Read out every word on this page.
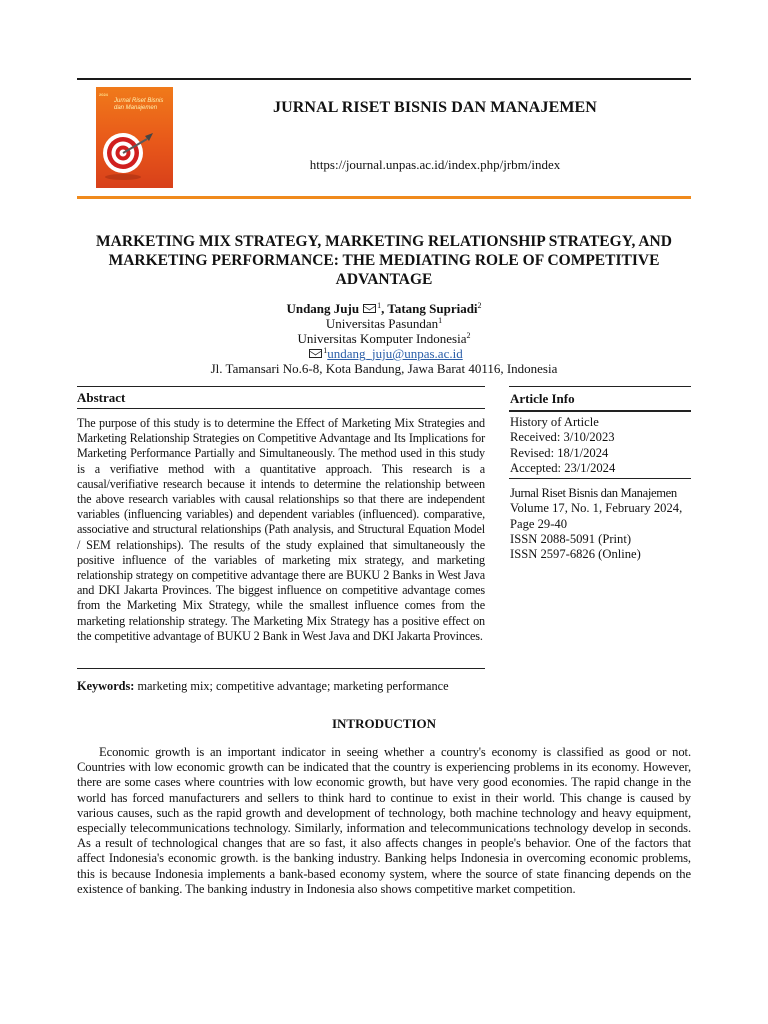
2024
Jurnal Riset Bisnis dan Manajemen	JURNAL RISET BISNIS DAN MANAJEMEN
https://journal.unpas.ac.id/index.php/jrbm/index
MARKETING MIX STRATEGY, MARKETING RELATIONSHIP STRATEGY, AND MARKETING PERFORMANCE: THE MEDIATING ROLE OF COMPETITIVE ADVANTAGE
Undang Juju $^1$, Tatang Supriadi$^2$
Universitas Pasundan$^1$
Universitas Komputer Indonesia$^2$
$^1$undang_juju@unpas.ac.id
Jl. Tamansari No.6-8, Kota Bandung, Jawa Barat 40116, Indonesia
Abstract
The purpose of this study is to determine the Effect of Marketing Mix Strategies and Marketing Relationship Strategies on Competitive Advantage and Its Implications for Marketing Performance Partially and Simultaneously. The method used in this study is a verifiative method with a quantitative approach. This research is a causal/verifiative research because it intends to determine the relationship between the above research variables with causal relationships so that there are independent variables (influencing variables) and dependent variables (influenced). comparative, associative and structural relationships (Path analysis, and Structural Equation Model / SEM relationships). The results of the study explained that simultaneously the positive influence of the variables of marketing mix strategy, and marketing relationship strategy on competitive advantage there are BUKU 2 Banks in West Java and DKI Jakarta Provinces. The biggest influence on competitive advantage comes from the Marketing Mix Strategy, while the smallest influence comes from the marketing relationship strategy. The Marketing Mix Strategy has a positive effect on the competitive advantage of BUKU 2 Bank in West Java and DKI Jakarta Provinces.
Keywords: marketing mix; competitive advantage; marketing performance
Article Info
History of Article
Received: 3/10/2023
Revised: 18/1/2024
Accepted: 23/1/2024
Jurnal Riset Bisnis dan Manajemen
Volume 17, No. 1, February 2024,
Page 29-40
ISSN 2088-5091 (Print)
ISSN 2597-6826 (Online)
INTRODUCTION
Economic growth is an important indicator in seeing whether a country's economy is classified as good or not. Countries with low economic growth can be indicated that the country is experiencing problems in its economy. However, there are some cases where countries with low economic growth, but have very good economies. The rapid change in the world has forced manufacturers and sellers to think hard to continue to exist in their world. This change is caused by various causes, such as the rapid growth and development of technology, both machine technology and heavy equipment, especially telecommunications technology. Similarly, information and telecommunications technology develop in seconds. As a result of technological changes that are so fast, it also affects changes in people's behavior. One of the factors that affect Indonesia's economic growth. is the banking industry. Banking helps Indonesia in overcoming economic problems, this is because Indonesia implements a bank-based economy system, where the source of state financing depends on the existence of banking. The banking industry in Indonesia also shows competitive market competition.
